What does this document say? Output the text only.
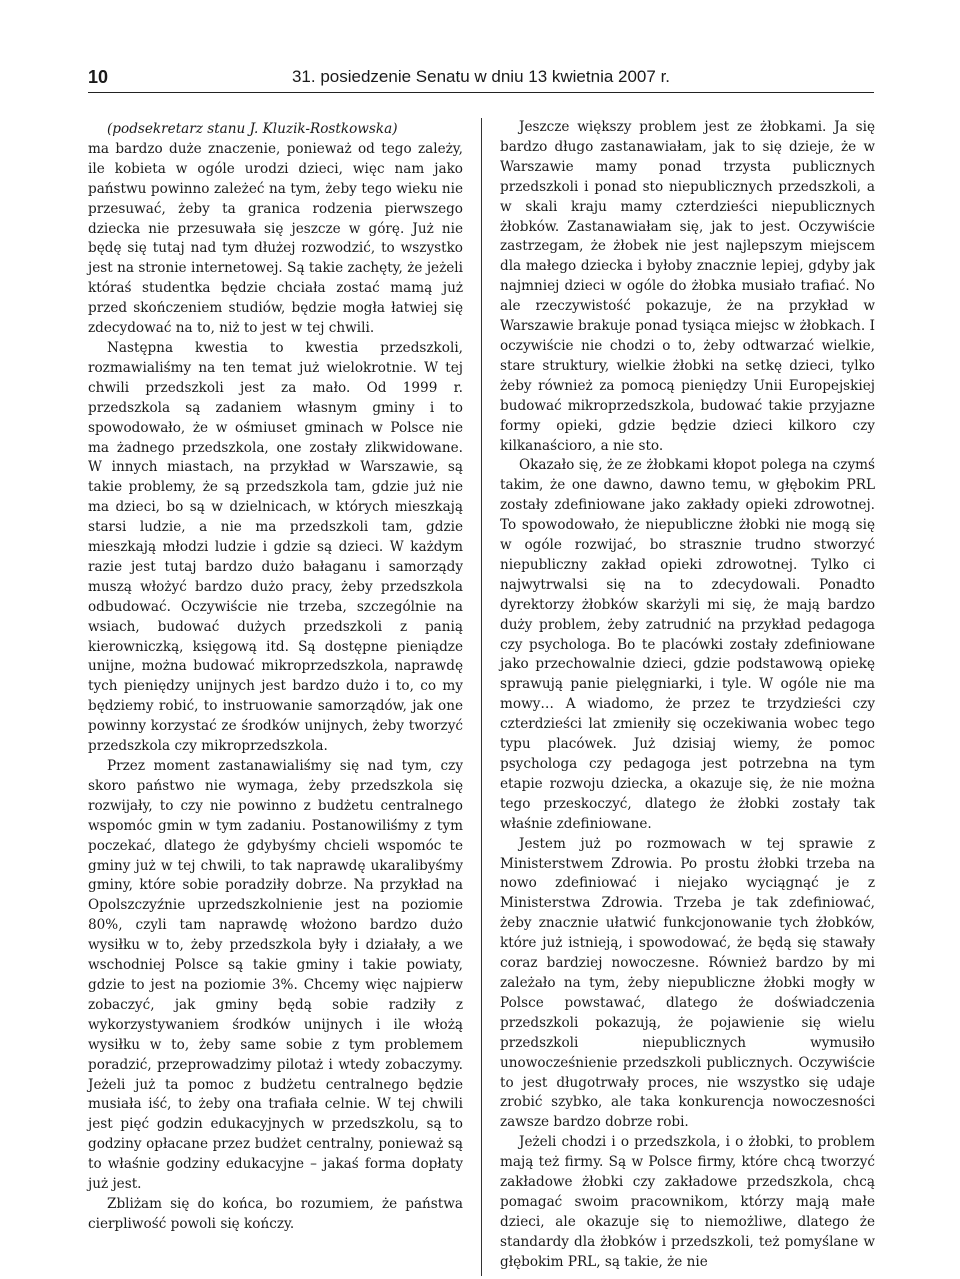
10	31. posiedzenie Senatu w dniu 13 kwietnia 2007 r.

(podsekretarz stanu J. Kluzik-Rostkowska)

ma bardzo duże znaczenie, ponieważ od tego zależy, ile kobieta w ogóle urodzi dzieci, więc nam jako państwu powinno zależeć na tym, żeby tego wieku nie przesuwać, żeby ta granica rodzenia pierwszego dziecka nie przesuwała się jeszcze w górę. Już nie będę się tutaj nad tym dłużej rozwodzić, to wszystko jest na stronie internetowej. Są takie zachęty, że jeżeli któraś studentka będzie chciała zostać mamą już przed skończeniem studiów, będzie mogła łatwiej się zdecydować na to, niż to jest w tej chwili.

Następna kwestia to kwestia przedszkoli, rozmawialiśmy na ten temat już wielokrotnie. W tej chwili przedszkoli jest za mało. Od 1999 r. przedszkola są zadaniem własnym gminy i to spowodowało, że w ośmiuset gminach w Polsce nie ma żadnego przedszkola, one zostały zlikwidowane. W innych miastach, na przykład w Warszawie, są takie problemy, że są przedszkola tam, gdzie już nie ma dzieci, bo są w dzielnicach, w których mieszkają starsi ludzie, a nie ma przedszkoli tam, gdzie mieszkają młodzi ludzie i gdzie są dzieci. W każdym razie jest tutaj bardzo dużo bałaganu i samorządy muszą włożyć bardzo dużo pracy, żeby przedszkola odbudować. Oczywiście nie trzeba, szczególnie na wsiach, budować dużych przedszkoli z panią kierowniczką, księgową itd. Są dostępne pieniądze unijne, można budować mikroprzedszkola, naprawdę tych pieniędzy unijnych jest bardzo dużo i to, co my będziemy robić, to instruowanie samorządów, jak one powinny korzystać ze środków unijnych, żeby tworzyć przedszkola czy mikroprzedszkola.

Przez moment zastanawialiśmy się nad tym, czy skoro państwo nie wymaga, żeby przedszkola się rozwijały, to czy nie powinno z budżetu centralnego wspomóc gmin w tym zadaniu. Postanowiliśmy z tym poczekać, dlatego że gdybyśmy chcieli wspomóc te gminy już w tej chwili, to tak naprawdę ukaralibyśmy gminy, które sobie poradziły dobrze. Na przykład na Opolszczyźnie uprzedszkolnienie jest na poziomie 80%, czyli tam naprawdę włożono bardzo dużo wysiłku w to, żeby przedszkola były i działały, a we wschodniej Polsce są takie gminy i takie powiaty, gdzie to jest na poziomie 3%. Chcemy więc najpierw zobaczyć, jak gminy będą sobie radziły z wykorzystywaniem środków unijnych i ile włożą wysiłku w to, żeby same sobie z tym problemem poradzić, przeprowadzimy pilotaż i wtedy zobaczymy. Jeżeli już ta pomoc z budżetu centralnego będzie musiała iść, to żeby ona trafiała celnie. W tej chwili jest pięć godzin edukacyjnych w przedszkolu, są to godziny opłacane przez budżet centralny, ponieważ są to właśnie godziny edukacyjne – jakaś forma dopłaty już jest.

Zbliżam się do końca, bo rozumiem, że państwa cierpliwość powoli się kończy.

Jeszcze większy problem jest ze żłobkami. Ja się bardzo długo zastanawiałam, jak to się dzieje, że w Warszawie mamy ponad trzysta publicznych przedszkoli i ponad sto niepublicznych przedszkoli, a w skali kraju mamy czterdzieści niepublicznych żłobków. Zastanawiałam się, jak to jest. Oczywiście zastrzegam, że żłobek nie jest najlepszym miejscem dla małego dziecka i byłoby znacznie lepiej, gdyby jak najmniej dzieci w ogóle do żłobka musiało trafiać. No ale rzeczywistość pokazuje, że na przykład w Warszawie brakuje ponad tysiąca miejsc w żłobkach. I oczywiście nie chodzi o to, żeby odtwarzać wielkie, stare struktury, wielkie żłobki na setkę dzieci, tylko żeby również za pomocą pieniędzy Unii Europejskiej budować mikroprzedszkola, budować takie przyjazne formy opieki, gdzie będzie dzieci kilkoro czy kilkanaścioro, a nie sto.

Okazało się, że ze żłobkami kłopot polega na czymś takim, że one dawno, dawno temu, w głębokim PRL zostały zdefiniowane jako zakłady opieki zdrowotnej. To spowodowało, że niepubliczne żłobki nie mogą się w ogóle rozwijać, bo strasznie trudno stworzyć niepubliczny zakład opieki zdrowotnej. Tylko ci najwytrwalsi się na to zdecydowali. Ponadto dyrektorzy żłobków skarżyli mi się, że mają bardzo duży problem, żeby zatrudnić na przykład pedagoga czy psychologa. Bo te placówki zostały zdefiniowane jako przechowalnie dzieci, gdzie podstawową opiekę sprawują panie pielęgniarki, i tyle. W ogóle nie ma mowy… A wiadomo, że przez te trzydzieści czy czterdzieści lat zmieniły się oczekiwania wobec tego typu placówek. Już dzisiaj wiemy, że pomoc psychologa czy pedagoga jest potrzebna na tym etapie rozwoju dziecka, a okazuje się, że nie można tego przeskoczyć, dlatego że żłobki zostały tak właśnie zdefiniowane.

Jestem już po rozmowach w tej sprawie z Ministerstwem Zdrowia. Po prostu żłobki trzeba na nowo zdefiniować i niejako wyciągnąć je z Ministerstwa Zdrowia. Trzeba je tak zdefiniować, żeby znacznie ułatwić funkcjonowanie tych żłobków, które już istnieją, i spowodować, że będą się stawały coraz bardziej nowoczesne. Również bardzo by mi zależało na tym, żeby niepubliczne żłobki mogły w Polsce powstawać, dlatego że doświadczenia przedszkoli pokazują, że pojawienie się wielu przedszkoli niepublicznych wymusiło unowocześnienie przedszkoli publicznych. Oczywiście to jest długotrwały proces, nie wszystko się udaje zrobić szybko, ale taka konkurencja nowoczesności zawsze bardzo dobrze robi.

Jeżeli chodzi i o przedszkola, i o żłobki, to problem mają też firmy. Są w Polsce firmy, które chcą tworzyć zakładowe żłobki czy zakładowe przedszkola, chcą pomagać swoim pracownikom, którzy mają małe dzieci, ale okazuje się to niemożliwe, dlatego że standardy dla żłobków i przedszkoli, też pomyślane w głębokim PRL, są takie, że nie
